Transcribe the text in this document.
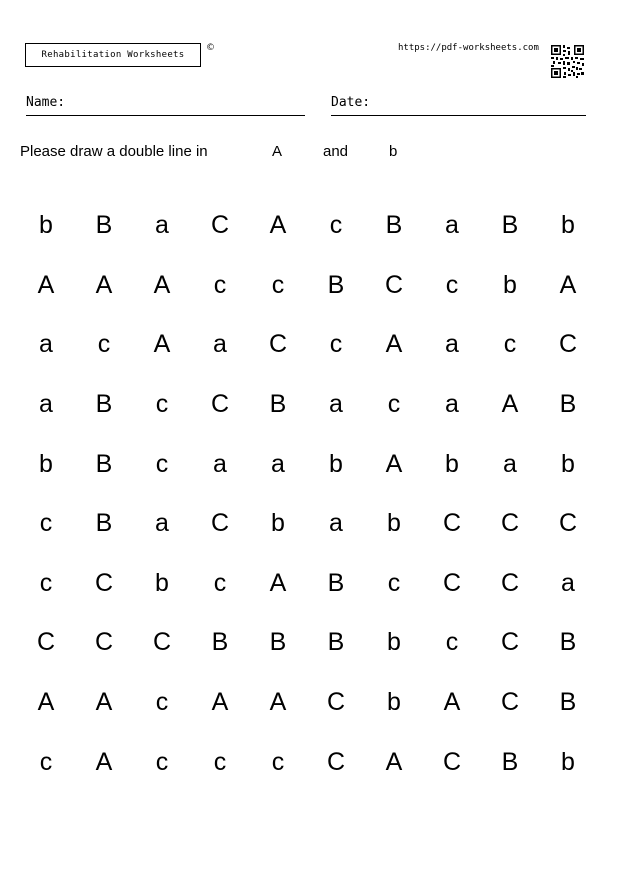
Rehabilitation Worksheets
©	https://pdf-worksheets.com
Name:	Date:
Please draw a double line in	A	and	b
b	B	a	C	A	c	B	a	B	b
A	A	A	c	c	B	C	c	b	A
a	c	A	a	C	c	A	a	c	C
a	B	c	C	B	a	c	a	A	B
b	B	c	a	a	b	A	b	a	b
c	B	a	C	b	a	b	C	C	C
c	C	b	c	A	B	c	C	C	a
C	C	C	B	B	B	b	c	C	B
A	A	c	A	A	C	b	A	C	B
c	A	c	c	c	C	A	C	B	b
